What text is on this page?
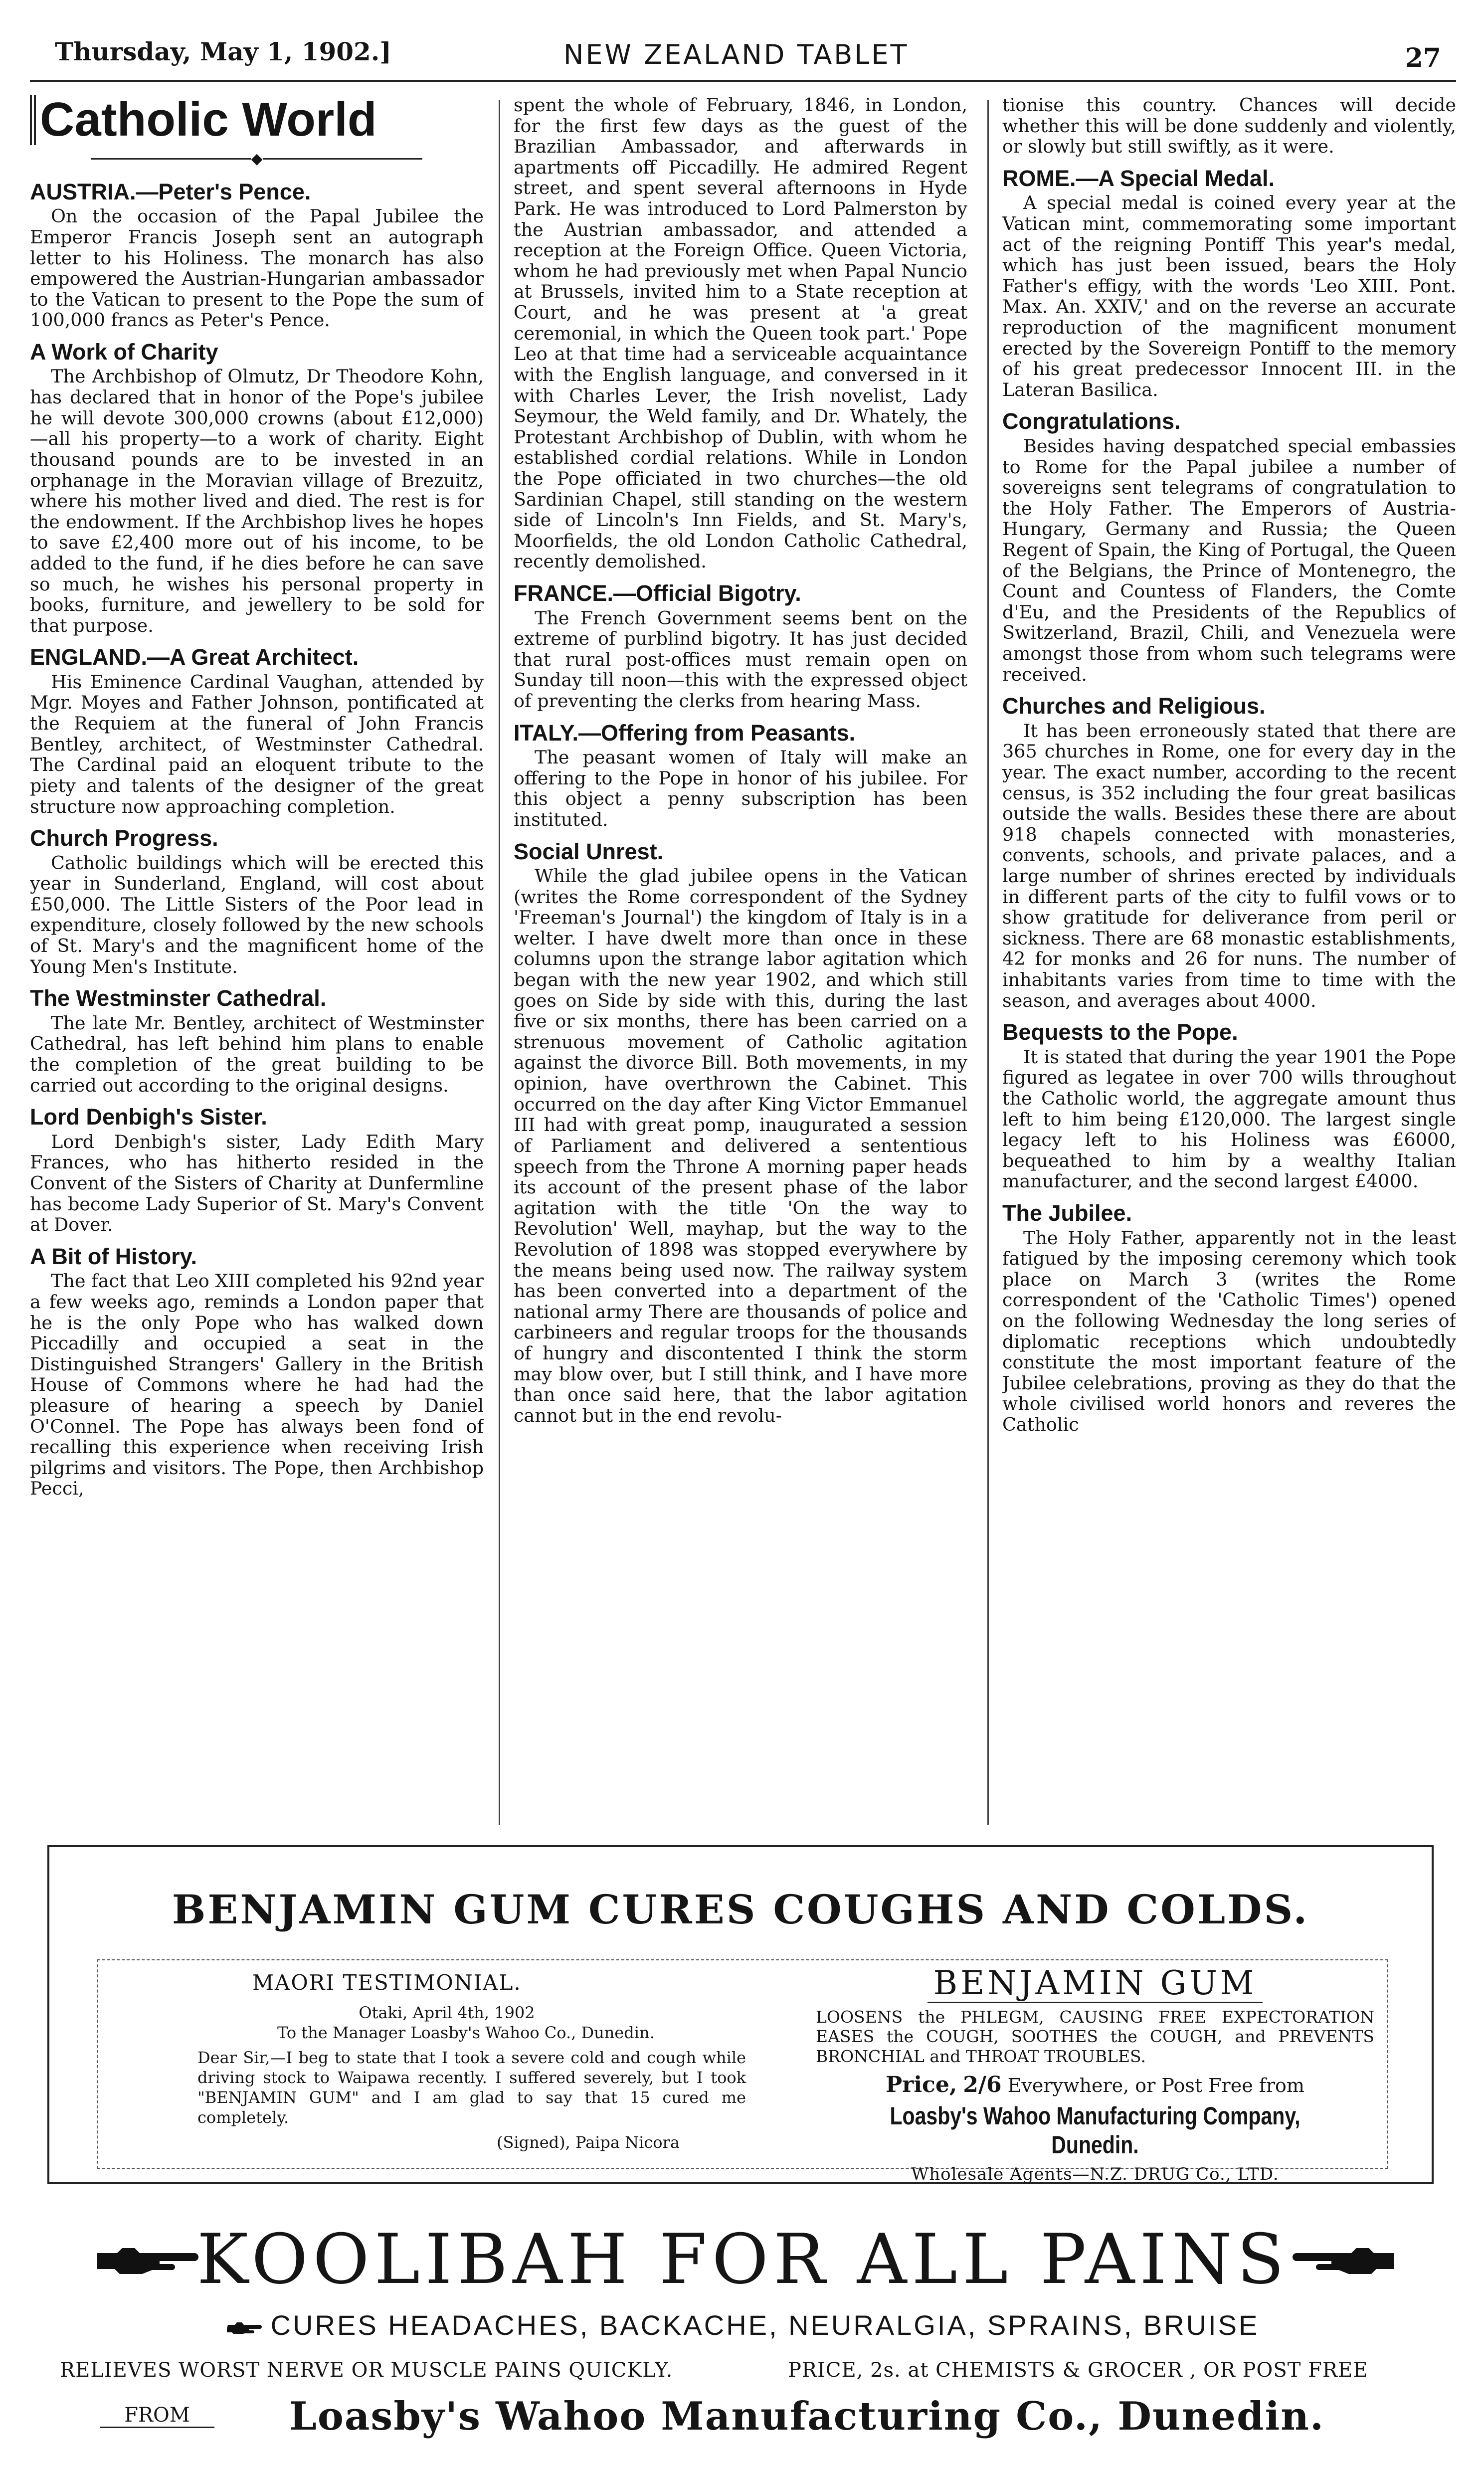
Thursday, May 1, 1902.]	NEW ZEALAND TABLET	27
Catholic World
◆
AUSTRIA.—Peter's Pence.

On the occasion of the Papal Jubilee the Emperor Francis Joseph sent an autograph letter to his Holiness. The monarch has also empowered the Austrian-Hungarian ambassador to the Vatican to present to the Pope the sum of 100,000 francs as Peter's Pence.

A Work of Charity

The Archbishop of Olmutz, Dr Theodore Kohn, has declared that in honor of the Pope's jubilee he will devote 300,000 crowns (about £12,000)—all his property—to a work of charity. Eight thousand pounds are to be invested in an orphanage in the Moravian village of Brezuitz, where his mother lived and died. The rest is for the endowment. If the Archbishop lives he hopes to save £2,400 more out of his income, to be added to the fund, if he dies before he can save so much, he wishes his personal property in books, furniture, and jewellery to be sold for that purpose.

ENGLAND.—A Great Architect.

His Eminence Cardinal Vaughan, attended by Mgr. Moyes and Father Johnson, pontificated at the Requiem at the funeral of John Francis Bentley, architect, of Westminster Cathedral. The Cardinal paid an eloquent tribute to the piety and talents of the designer of the great structure now approaching completion.

Church Progress.

Catholic buildings which will be erected this year in Sunderland, England, will cost about £50,000. The Little Sisters of the Poor lead in expenditure, closely followed by the new schools of St. Mary's and the magnificent home of the Young Men's Institute.

The Westminster Cathedral.

The late Mr. Bentley, architect of Westminster Cathedral, has left behind him plans to enable the completion of the great building to be carried out according to the original designs.

Lord Denbigh's Sister.

Lord Denbigh's sister, Lady Edith Mary Frances, who has hitherto resided in the Convent of the Sisters of Charity at Dunfermline has become Lady Superior of St. Mary's Convent at Dover.

A Bit of History.

The fact that Leo XIII completed his 92nd year a few weeks ago, reminds a London paper that he is the only Pope who has walked down Piccadilly and occupied a seat in the Distinguished Strangers' Gallery in the British House of Commons where he had had the pleasure of hearing a speech by Daniel O'Connel. The Pope has always been fond of recalling this experience when receiving Irish pilgrims and visitors. The Pope, then Archbishop Pecci,

spent the whole of February, 1846, in London, for the first few days as the guest of the Brazilian Ambassador, and afterwards in apartments off Piccadilly. He admired Regent street, and spent several afternoons in Hyde Park. He was introduced to Lord Palmerston by the Austrian ambassador, and attended a reception at the Foreign Office. Queen Victoria, whom he had previously met when Papal Nuncio at Brussels, invited him to a State reception at Court, and he was present at 'a great ceremonial, in which the Queen took part.' Pope Leo at that time had a serviceable acquaintance with the English language, and conversed in it with Charles Lever, the Irish novelist, Lady Seymour, the Weld family, and Dr. Whately, the Protestant Archbishop of Dublin, with whom he established cordial relations. While in London the Pope officiated in two churches—the old Sardinian Chapel, still standing on the western side of Lincoln's Inn Fields, and St. Mary's, Moorfields, the old London Catholic Cathedral, recently demolished.

FRANCE.—Official Bigotry.

The French Government seems bent on the extreme of purblind bigotry. It has just decided that rural post-offices must remain open on Sunday till noon—this with the expressed object of preventing the clerks from hearing Mass.

ITALY.—Offering from Peasants.

The peasant women of Italy will make an offering to the Pope in honor of his jubilee. For this object a penny subscription has been instituted.

Social Unrest.

While the glad jubilee opens in the Vatican (writes the Rome correspondent of the Sydney 'Freeman's Journal') the kingdom of Italy is in a welter. I have dwelt more than once in these columns upon the strange labor agitation which began with the new year 1902, and which still goes on Side by side with this, during the last five or six months, there has been carried on a strenuous movement of Catholic agitation against the divorce Bill. Both movements, in my opinion, have overthrown the Cabinet. This occurred on the day after King Victor Emmanuel III had with great pomp, inaugurated a session of Parliament and delivered a sententious speech from the Throne A morning paper heads its account of the present phase of the labor agitation with the title 'On the way to Revolution' Well, mayhap, but the way to the Revolution of 1898 was stopped everywhere by the means being used now. The railway system has been converted into a department of the national army There are thousands of police and carbineers and regular troops for the thousands of hungry and discontented I think the storm may blow over, but I still think, and I have more than once said here, that the labor agitation cannot but in the end revolu-

tionise this country. Chances will decide whether this will be done suddenly and violently, or slowly but still swiftly, as it were.

ROME.—A Special Medal.

A special medal is coined every year at the Vatican mint, commemorating some important act of the reigning Pontiff This year's medal, which has just been issued, bears the Holy Father's effigy, with the words 'Leo XIII. Pont. Max. An. XXIV,' and on the reverse an accurate reproduction of the magnificent monument erected by the Sovereign Pontiff to the memory of his great predecessor Innocent III. in the Lateran Basilica.

Congratulations.

Besides having despatched special embassies to Rome for the Papal jubilee a number of sovereigns sent telegrams of congratulation to the Holy Father. The Emperors of Austria-Hungary, Germany and Russia; the Queen Regent of Spain, the King of Portugal, the Queen of the Belgians, the Prince of Montenegro, the Count and Countess of Flanders, the Comte d'Eu, and the Presidents of the Republics of Switzerland, Brazil, Chili, and Venezuela were amongst those from whom such telegrams were received.

Churches and Religious.

It has been erroneously stated that there are 365 churches in Rome, one for every day in the year. The exact number, according to the recent census, is 352 including the four great basilicas outside the walls. Besides these there are about 918 chapels connected with monasteries, convents, schools, and private palaces, and a large number of shrines erected by individuals in different parts of the city to fulfil vows or to show gratitude for deliverance from peril or sickness. There are 68 monastic establishments, 42 for monks and 26 for nuns. The number of inhabitants varies from time to time with the season, and averages about 4000.

Bequests to the Pope.

It is stated that during the year 1901 the Pope figured as legatee in over 700 wills throughout the Catholic world, the aggregate amount thus left to him being £120,000. The largest single legacy left to his Holiness was £6000, bequeathed to him by a wealthy Italian manufacturer, and the second largest £4000.

The Jubilee.

The Holy Father, apparently not in the least fatigued by the imposing ceremony which took place on March 3 (writes the Rome correspondent of the 'Catholic Times') opened on the following Wednesday the long series of diplomatic receptions which undoubtedly constitute the most important feature of the Jubilee celebrations, proving as they do that the whole civilised world honors and reveres the Catholic

BENJAMIN GUM CURES COUGHS AND COLDS.
MAORI TESTIMONIAL.
Otaki, April 4th, 1902
To the Manager Loasby's Wahoo Co., Dunedin.
Dear Sir,—I beg to state that I took a severe cold and cough while driving stock to Waipawa recently. I suffered severely, but I took "BENJAMIN GUM" and I am glad to say that 15 cured me completely.
(Signed), Paipa Nicora
BENJAMIN GUM
LOOSENS the PHLEGM, CAUSING FREE EXPECTORATION EASES the COUGH, SOOTHES the COUGH, and PREVENTS BRONCHIAL and THROAT TROUBLES.
Price, 2/6 Everywhere, or Post Free from
Loasby's Wahoo Manufacturing Company, Dunedin.
Wholesale Agents—N.Z. DRUG Co., LTD.
KOOLIBAH FOR ALL PAINS
CURES HEADACHES, BACKACHE, NEURALGIA, SPRAINS, BRUISE
RELIEVES WORST NERVE OR MUSCLE PAINS QUICKLY.	PRICE, 2s. at CHEMISTS & GROCER , OR POST FREE
FROM	Loasby's Wahoo Manufacturing Co., Dunedin.
